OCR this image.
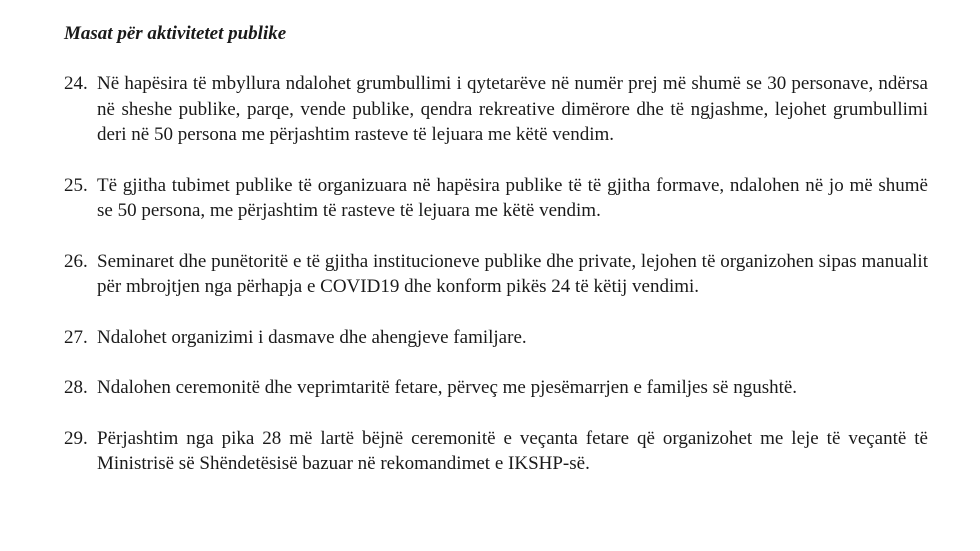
Masat për aktivitetet publike
24. Në hapësira të mbyllura ndalohet grumbullimi i qytetarëve në numër prej më shumë se 30 personave, ndërsa në sheshe publike, parqe, vende publike, qendra rekreative dimërore dhe të ngjashme, lejohet grumbullimi deri në 50 persona me përjashtim rasteve të lejuara me këtë vendim.
25. Të gjitha tubimet publike të organizuara në hapësira publike të të gjitha formave, ndalohen në jo më shumë se 50 persona, me përjashtim të rasteve të lejuara me këtë vendim.
26. Seminaret dhe punëtoritë e të gjitha institucioneve publike dhe private, lejohen të organizohen sipas manualit për mbrojtjen nga përhapja e COVID19 dhe konform pikës 24 të këtij vendimi.
27. Ndalohet organizimi i dasmave dhe ahengjeve familjare.
28. Ndalohen ceremonitë dhe veprimtaritë fetare, përveç me pjesëmarrjen e familjes së ngushtë.
29. Përjashtim nga pika 28 më lartë bëjnë ceremonitë e veçanta fetare që organizohet me leje të veçantë të Ministrisë së Shëndetësisë bazuar në rekomandimet e IKSHP-së.
